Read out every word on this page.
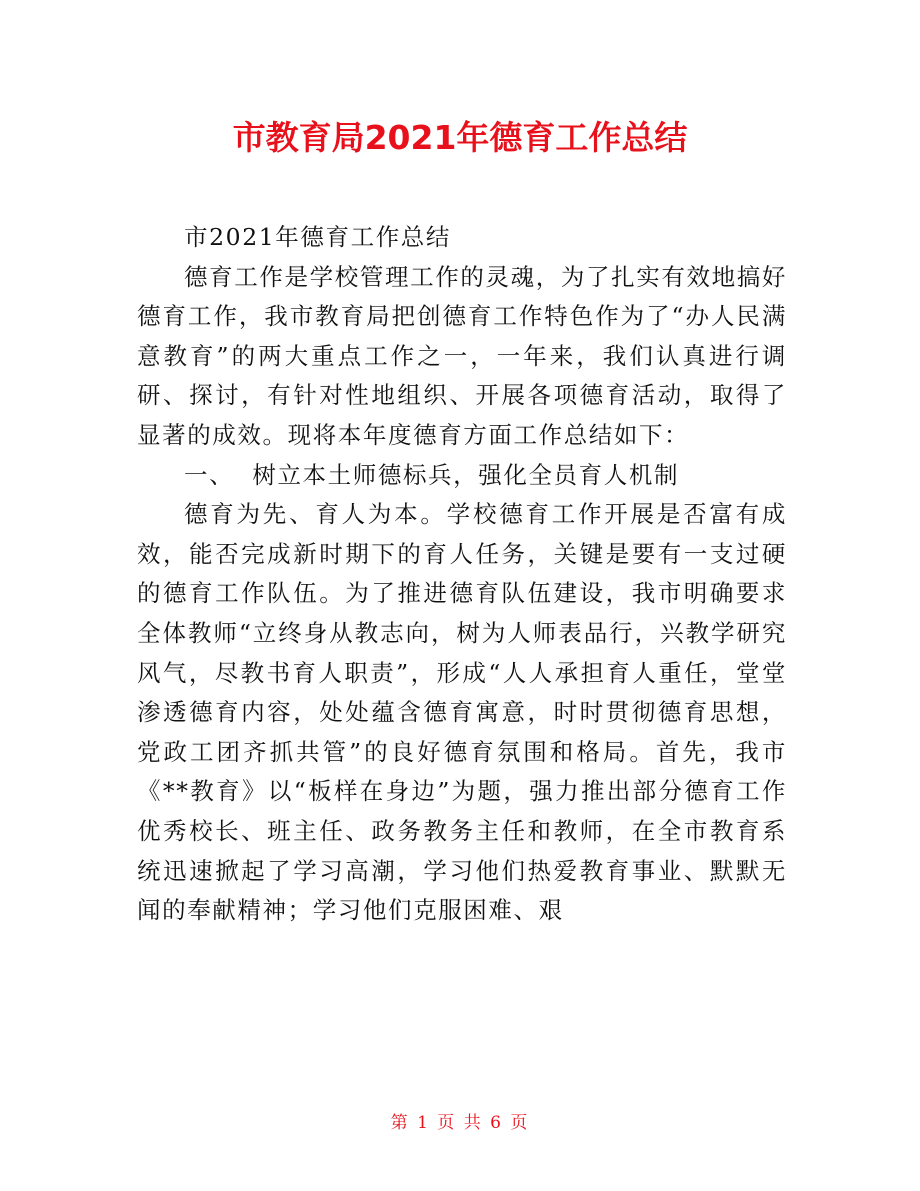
市教育局2021年德育工作总结

市2021年德育工作总结

德育工作是学校管理工作的灵魂，为了扎实有效地搞好德育工作，我市教育局把创德育工作特色作为了“办人民满意教育”的两大重点工作之一，一年来，我们认真进行调研、探讨，有针对性地组织、开展各项德育活动，取得了显著的成效。现将本年度德育方面工作总结如下：

一、  树立本土师德标兵，强化全员育人机制

德育为先、育人为本。学校德育工作开展是否富有成效，能否完成新时期下的育人任务，关键是要有一支过硬的德育工作队伍。为了推进德育队伍建设，我市明确要求全体教师“立终身从教志向，树为人师表品行，兴教学研究风气，尽教书育人职责”，形成“人人承担育人重任，堂堂渗透德育内容，处处蕴含德育寓意，时时贯彻德育思想，党政工团齐抓共管”的良好德育氛围和格局。首先，我市《**教育》以“板样在身边”为题，强力推出部分德育工作优秀校长、班主任、政务教务主任和教师，在全市教育系统迅速掀起了学习高潮，学习他们热爱教育事业、默默无闻的奉献精神；学习他们克服困难、艰

第 1 页 共 6 页
